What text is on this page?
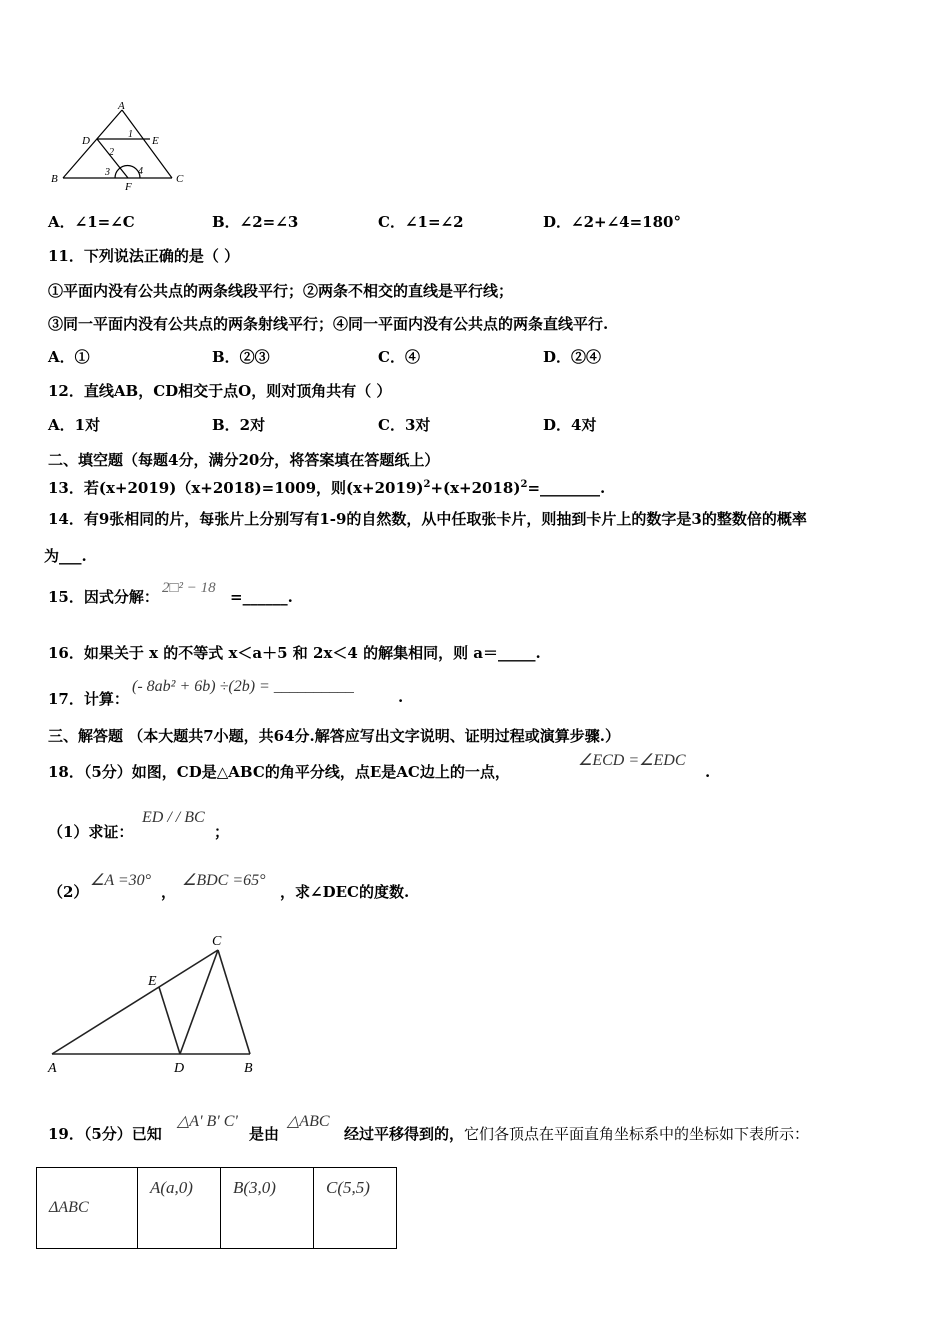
A
D	E
B	C
F
1
2
3	4
A．∠1=∠C	B．∠2=∠3	C．∠1=∠2	D．∠2+∠4=180°
11．下列说法正确的是（ ）
①平面内没有公共点的两条线段平行；②两条不相交的直线是平行线；
③同一平面内没有公共点的两条射线平行；④同一平面内没有公共点的两条直线平行.
A．①	B．②③	C．④	D．②④
12．直线AB，CD相交于点O，则对顶角共有（ ）
A．1对	B．2对	C．3对	D．4对
二、填空题（每题4分，满分20分，将答案填在答题纸上）
13．若(x+2019)（x+2018)=1009，则$(x+2019)^2+(x+2018)^2=\_\_\_\_\_\_\_\_$.
14．有9张相同的片，每张片上分别写有1-9的自然数，从中任取张卡片，则抽到卡片上的数字是3的整数倍的概率
为___.
15．因式分解： 2□² − 18 =______.
16．如果关于 x 的不等式 x＜a＋5 和 2x＜4 的解集相同，则 a＝_____.
17．计算：
(- 8ab² + 6b) ÷(2b) = __________
.
三、解答题 （本大题共7小题，共64分.解答应写出文字说明、证明过程或演算步骤.）
18．（5分）如图，CD是△ABC的角平分线，点E是AC边上的一点，
∠ECD =∠EDC
.
（1）求证：
ED / / BC
；
（2）
∠A =30°
，
∠BDC =65°
，求∠DEC的度数.
A	D	B
C
E
19．（5分）已知
△A' B' C'
是由
△ABC
经过平移得到的，它们各顶点在平面直角坐标系中的坐标如下表所示：
ΔABC	A(a,0)	B(3,0)	C(5,5)
